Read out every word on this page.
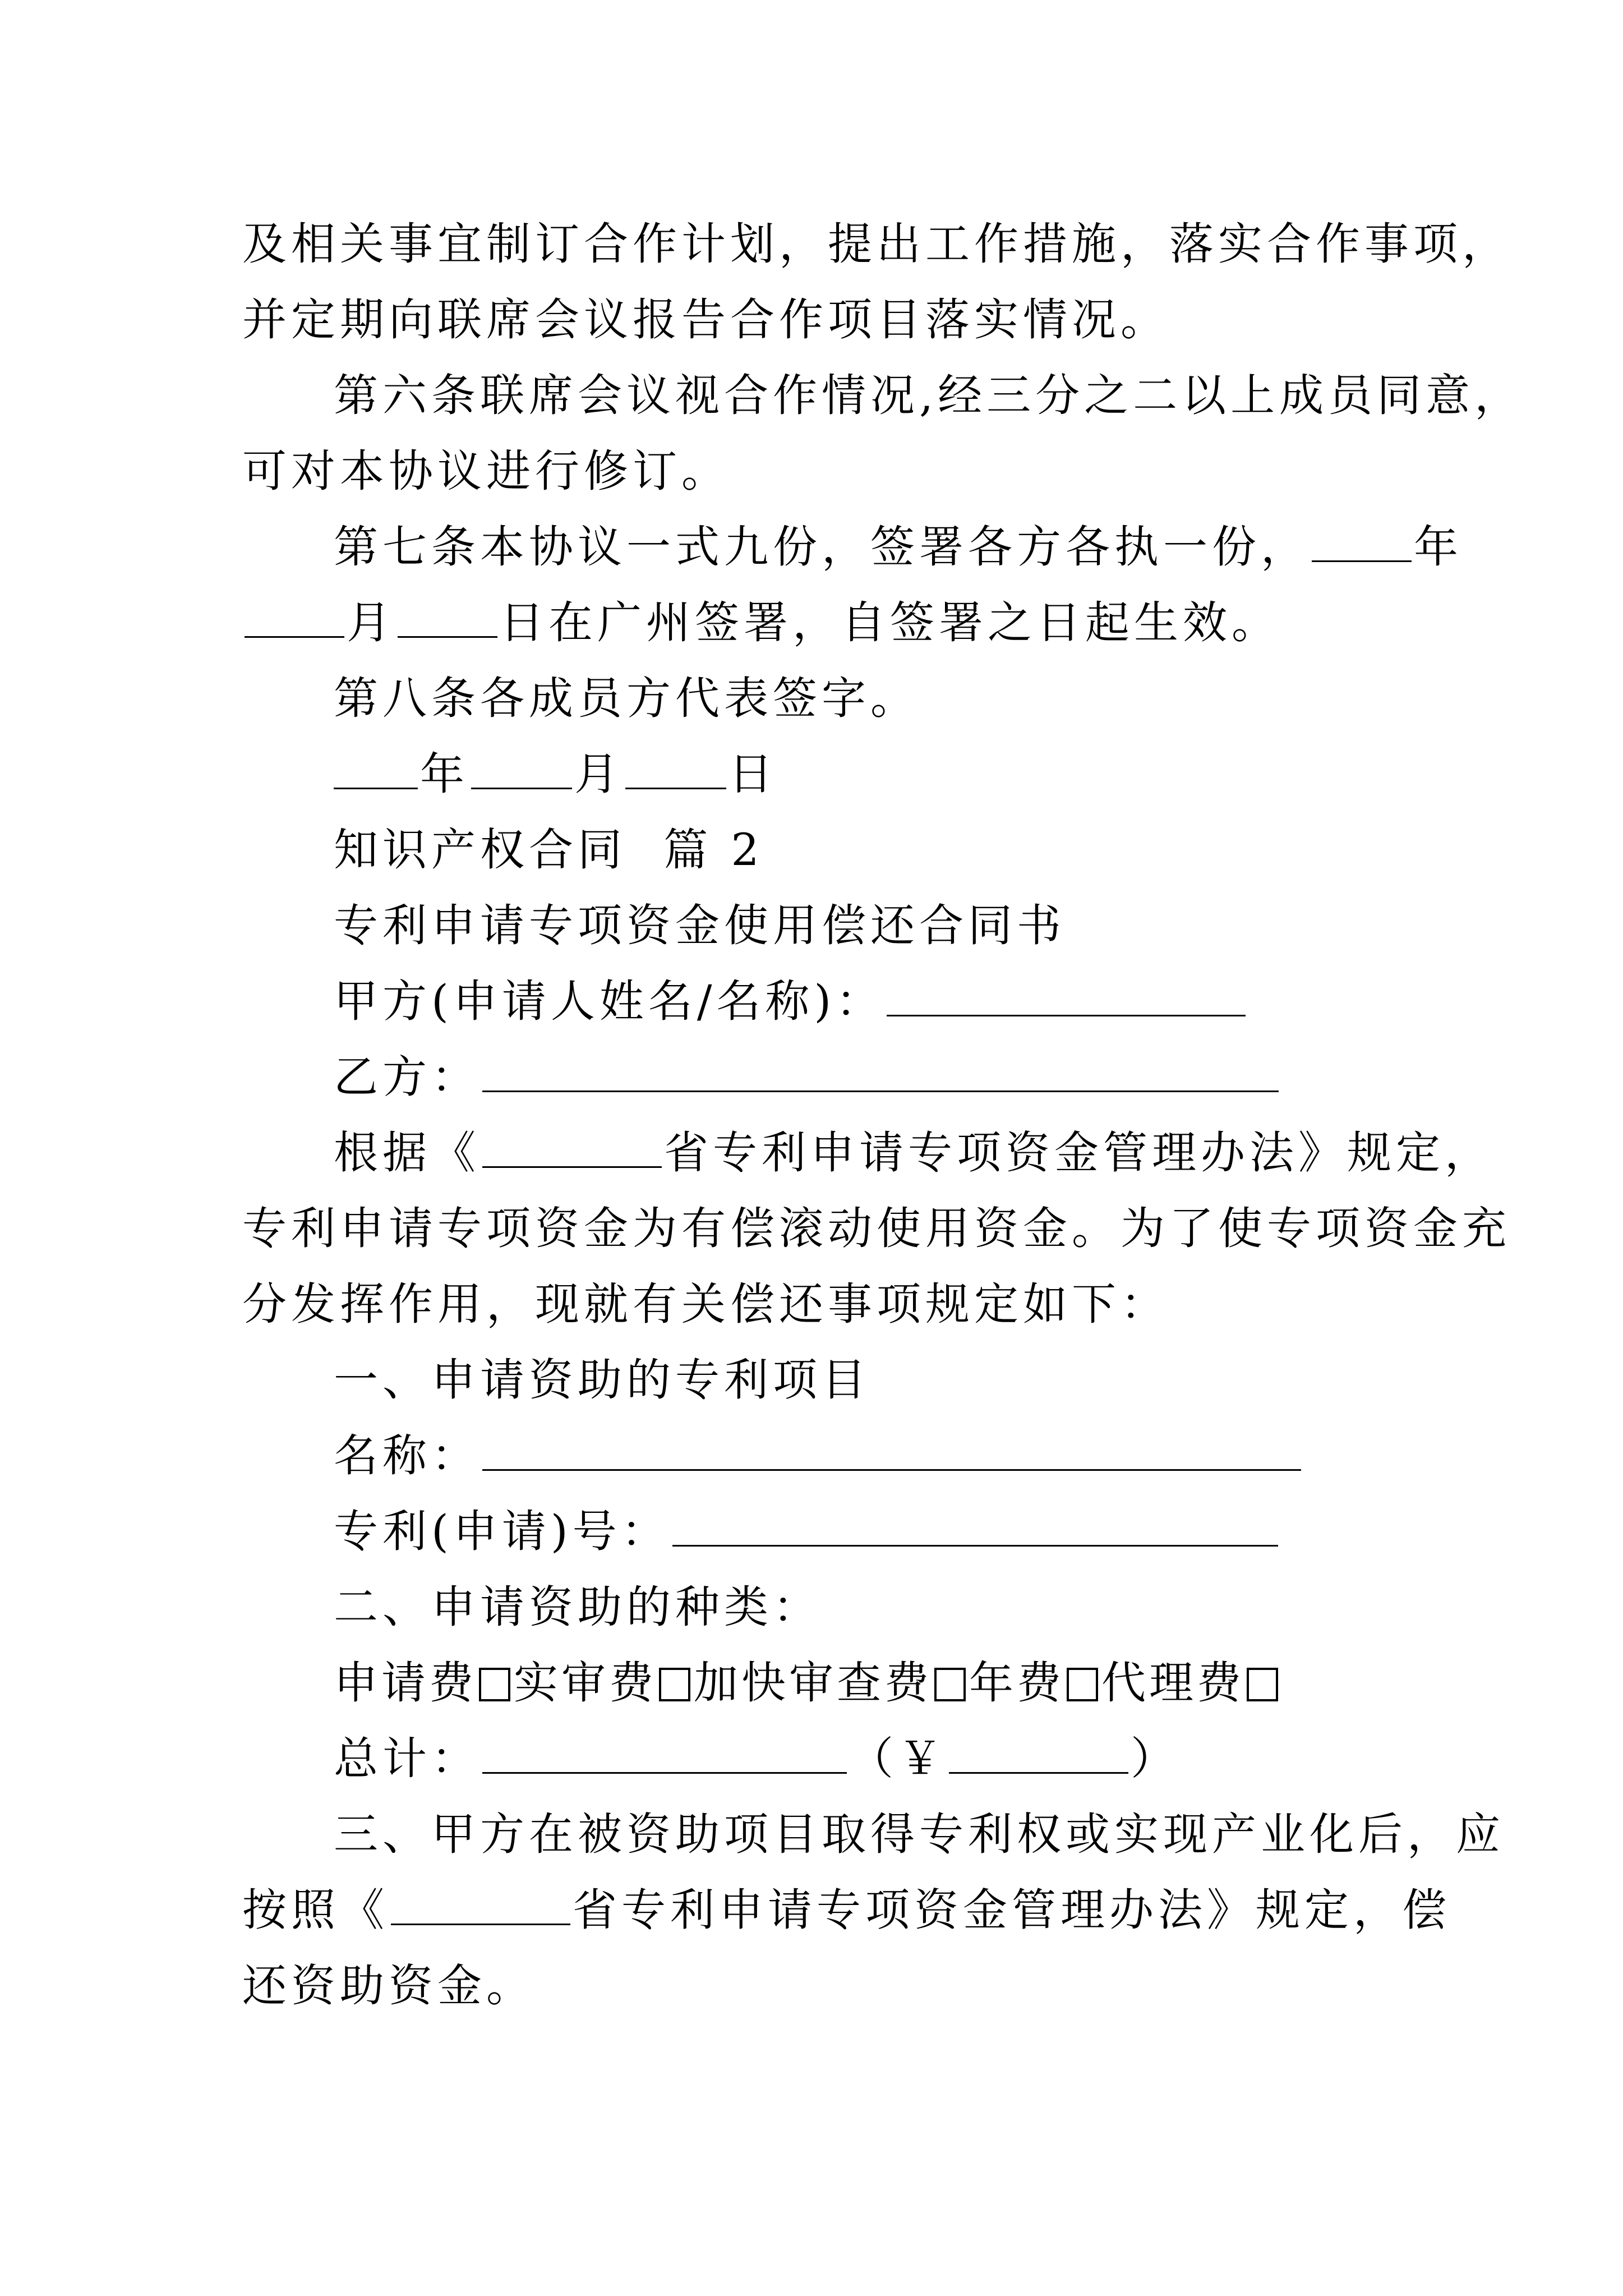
及相关事宜制订合作计划，提出工作措施，落实合作事项，
并定期向联席会议报告合作项目落实情况。
第六条联席会议视合作情况,经三分之二以上成员同意，
可对本协议进行修订。
第七条本协议一式九份，签署各方各执一份， 年
月 日在广州签署，自签署之日起生效。
第八条各成员方代表签字。
年 月 日
知识产权合同  篇 2
专利申请专项资金使用偿还合同书
甲方(申请人姓名/名称)：
乙方：
根据《	省专利申请专项资金管理办法》规定，
专利申请专项资金为有偿滚动使用资金。为了使专项资金充
分发挥作用，现就有关偿还事项规定如下：
一、申请资助的专利项目
名称：
专利(申请)号：
二、申请资助的种类：
申请费 实审费 加快审查费 年费 代理费
总计：	（￥	）
三、甲方在被资助项目取得专利权或实现产业化后，应
按照《	省专利申请专项资金管理办法》规定，偿
还资助资金。
